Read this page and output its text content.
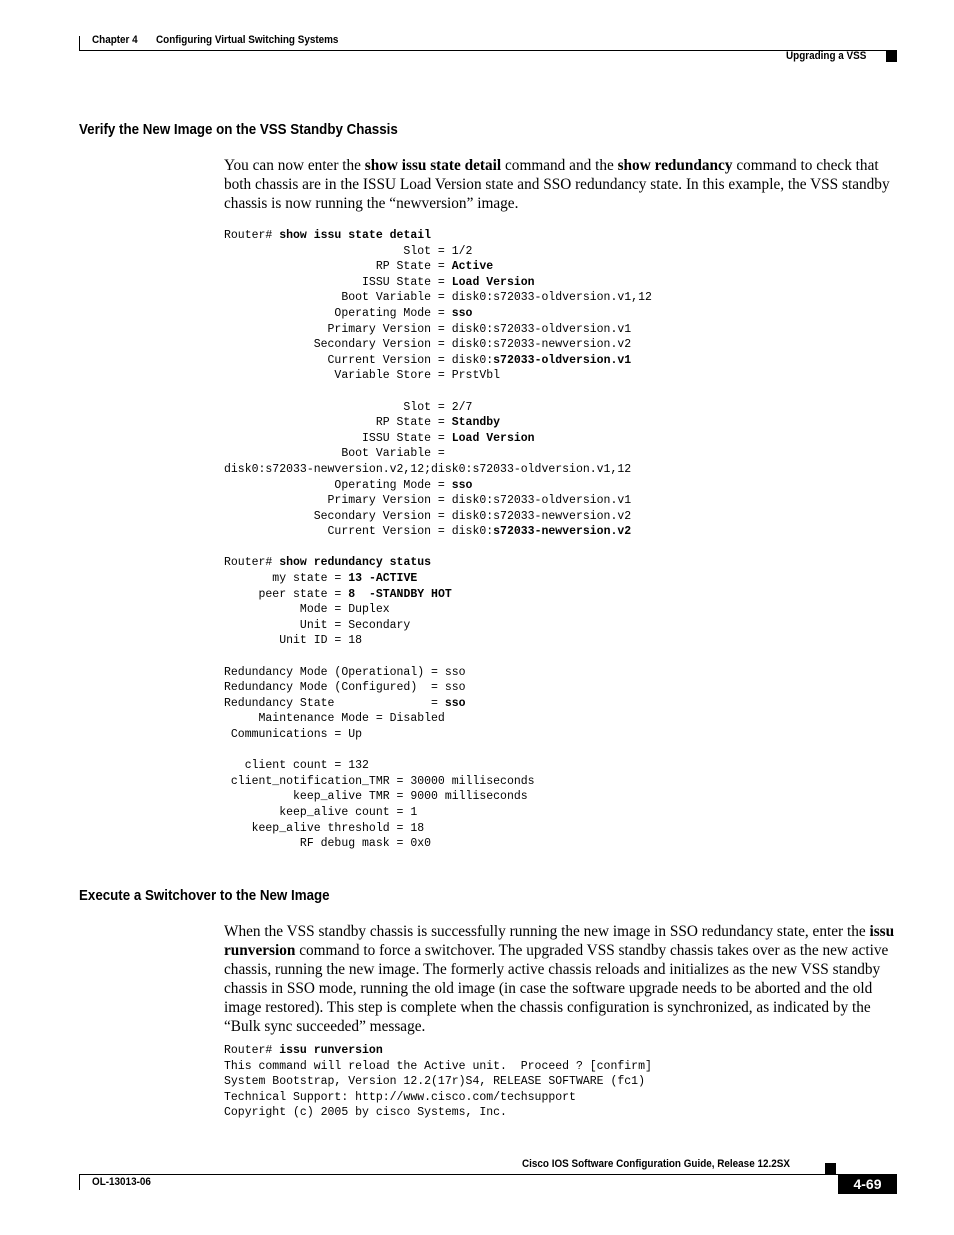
Chapter 4 Configuring Virtual Switching Systems
Upgrading a VSS
Verify the New Image on the VSS Standby Chassis
You can now enter the show issu state detail command and the show redundancy command to check that both chassis are in the ISSU Load Version state and SSO redundancy state. In this example, the VSS standby chassis is now running the “newversion” image.
Router# show issu state detail
Slot = 1/2
RP State = Active
ISSU State = Load Version
Boot Variable = disk0:s72033-oldversion.v1,12
Operating Mode = sso
Primary Version = disk0:s72033-oldversion.v1
Secondary Version = disk0:s72033-newversion.v2
Current Version = disk0:s72033-oldversion.v1
Variable Store = PrstVbl

Slot = 2/7
RP State = Standby
ISSU State = Load Version
Boot Variable =
disk0:s72033-newversion.v2,12;disk0:s72033-oldversion.v1,12
Operating Mode = sso
Primary Version = disk0:s72033-oldversion.v1
Secondary Version = disk0:s72033-newversion.v2
Current Version = disk0:s72033-newversion.v2

Router# show redundancy status
my state = 13 -ACTIVE
peer state = 8  -STANDBY HOT
Mode = Duplex
Unit = Secondary
Unit ID = 18

Redundancy Mode (Operational) = sso
Redundancy Mode (Configured)  = sso
Redundancy State              = sso
Maintenance Mode = Disabled
Communications = Up

client count = 132
client_notification_TMR = 30000 milliseconds
keep_alive TMR = 9000 milliseconds
keep_alive count = 1
keep_alive threshold = 18
RF debug mask = 0x0
Execute a Switchover to the New Image
When the VSS standby chassis is successfully running the new image in SSO redundancy state, enter the issu runversion command to force a switchover. The upgraded VSS standby chassis takes over as the new active chassis, running the new image. The formerly active chassis reloads and initializes as the new VSS standby chassis in SSO mode, running the old image (in case the software upgrade needs to be aborted and the old image restored). This step is complete when the chassis configuration is synchronized, as indicated by the “Bulk sync succeeded” message.
Router# issu runversion
This command will reload the Active unit.  Proceed ? [confirm]
System Bootstrap, Version 12.2(17r)S4, RELEASE SOFTWARE (fc1)
Technical Support: http://www.cisco.com/techsupport
Copyright (c) 2005 by cisco Systems, Inc.
Cisco IOS Software Configuration Guide, Release 12.2SX
OL-13013-06	4-69
